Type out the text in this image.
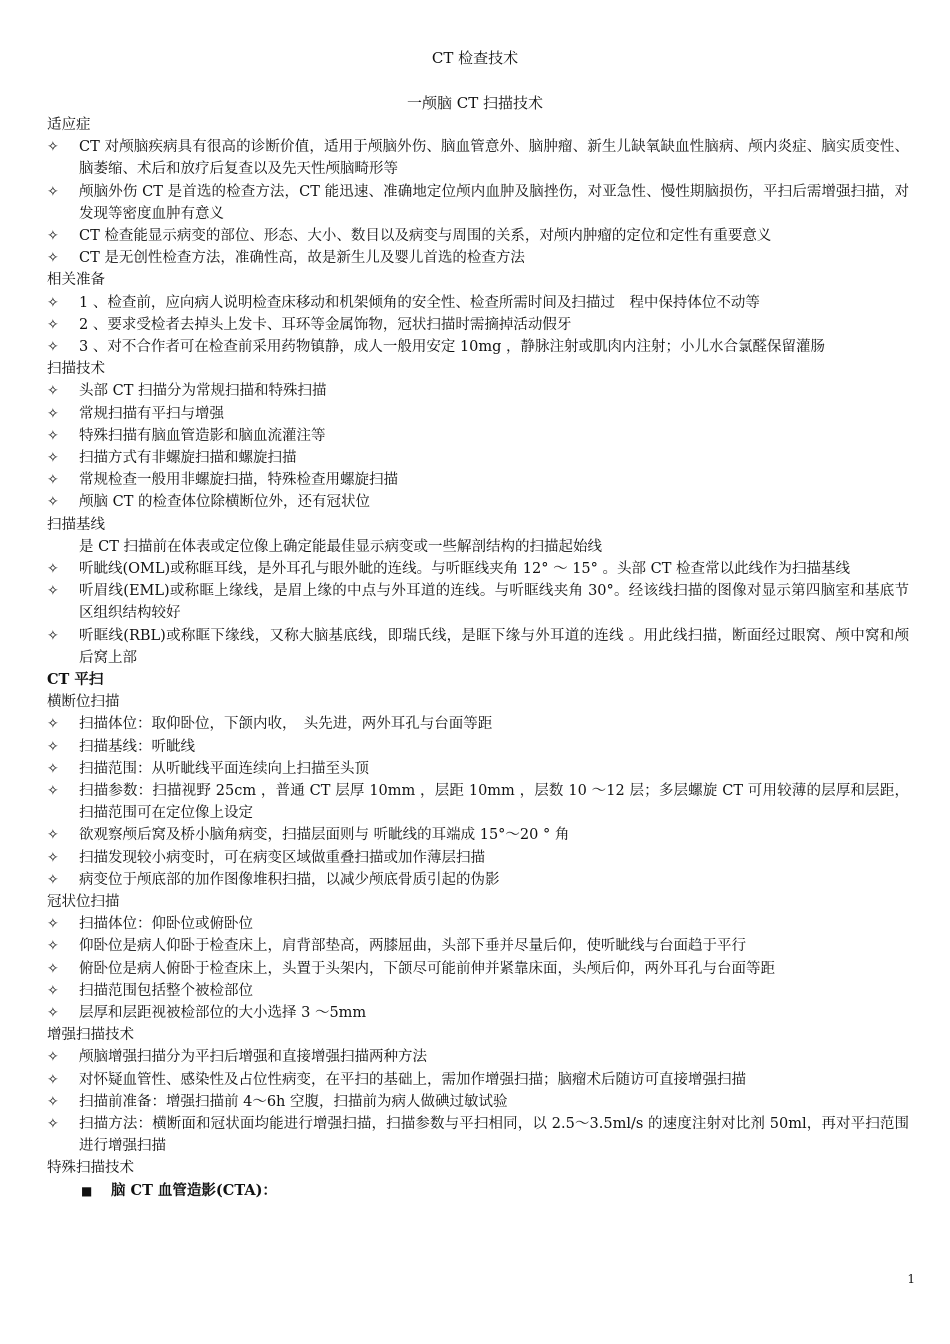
CT 检查技术
一颅脑 CT 扫描技术
适应症
✧	CT 对颅脑疾病具有很高的诊断价值，适用于颅脑外伤、脑血管意外、脑肿瘤、新生儿缺氧缺血性脑病、颅内炎症、脑实质变性、脑萎缩、术后和放疗后复查以及先天性颅脑畸形等
✧	颅脑外伤 CT 是首选的检查方法，CT 能迅速、准确地定位颅内血肿及脑挫伤，对亚急性、慢性期脑损伤，平扫后需增强扫描，对发现等密度血肿有意义
✧	CT 检查能显示病变的部位、形态、大小、数目以及病变与周围的关系，对颅内肿瘤的定位和定性有重要意义
✧	CT 是无创性检查方法，准确性高，故是新生儿及婴儿首选的检查方法
相关准备
✧	1 、检查前，应向病人说明检查床移动和机架倾角的安全性、检查所需时间及扫描过　程中保持体位不动等
✧	2 、要求受检者去掉头上发卡、耳环等金属饰物，冠状扫描时需摘掉活动假牙
✧	3 、对不合作者可在检查前采用药物镇静，成人一般用安定 10mg ，静脉注射或肌肉内注射；小儿水合氯醛保留灌肠
扫描技术
✧	头部 CT 扫描分为常规扫描和特殊扫描
✧	常规扫描有平扫与增强
✧	特殊扫描有脑血管造影和脑血流灌注等
✧	扫描方式有非螺旋扫描和螺旋扫描
✧	常规检查一般用非螺旋扫描，特殊检查用螺旋扫描
✧	颅脑 CT 的检查体位除横断位外，还有冠状位
扫描基线
是 CT 扫描前在体表或定位像上确定能最佳显示病变或一些解剖结构的扫描起始线
✧	听眦线(OML)或称眶耳线，是外耳孔与眼外眦的连线。与听眶线夹角 12° ～ 15° 。头部 CT 检查常以此线作为扫描基线
✧	听眉线(EML)或称眶上缘线，是眉上缘的中点与外耳道的连线。与听眶线夹角 30°。经该线扫描的图像对显示第四脑室和基底节区组织结构较好
✧	听眶线(RBL)或称眶下缘线，又称大脑基底线，即瑞氏线，是眶下缘与外耳道的连线 。用此线扫描，断面经过眼窝、颅中窝和颅后窝上部
CT 平扫
横断位扫描
✧	扫描体位：取仰卧位，下颌内收，　头先进，两外耳孔与台面等距
✧	扫描基线：听眦线
✧	扫描范围：从听眦线平面连续向上扫描至头顶
✧	扫描参数：扫描视野 25cm ，普通 CT 层厚 10mm ，层距 10mm ，层数 10 ～12 层；多层螺旋 CT 可用较薄的层厚和层距，扫描范围可在定位像上设定
✧	欲观察颅后窝及桥小脑角病变，扫描层面则与 听眦线的耳端成 15°～20 ° 角
✧	扫描发现较小病变时，可在病变区域做重叠扫描或加作薄层扫描
✧	病变位于颅底部的加作图像堆积扫描，以减少颅底骨质引起的伪影
冠状位扫描
✧	扫描体位：仰卧位或俯卧位
✧	仰卧位是病人仰卧于检查床上，肩背部垫高，两膝屈曲，头部下垂并尽量后仰，使听眦线与台面趋于平行
✧	俯卧位是病人俯卧于检查床上，头置于头架内，下颌尽可能前伸并紧靠床面，头颅后仰，两外耳孔与台面等距
✧	扫描范围包括整个被检部位
✧	层厚和层距视被检部位的大小选择 3 ～5mm
增强扫描技术
✧	颅脑增强扫描分为平扫后增强和直接增强扫描两种方法
✧	对怀疑血管性、感染性及占位性病变，在平扫的基础上，需加作增强扫描；脑瘤术后随访可直接增强扫描
✧	扫描前准备：增强扫描前 4～6h 空腹，扫描前为病人做碘过敏试验
✧	扫描方法：横断面和冠状面均能进行增强扫描，扫描参数与平扫相同，以 2.5～3.5ml/s 的速度注射对比剂 50ml，再对平扫范围进行增强扫描
特殊扫描技术
■ 脑 CT 血管造影(CTA)：
1
